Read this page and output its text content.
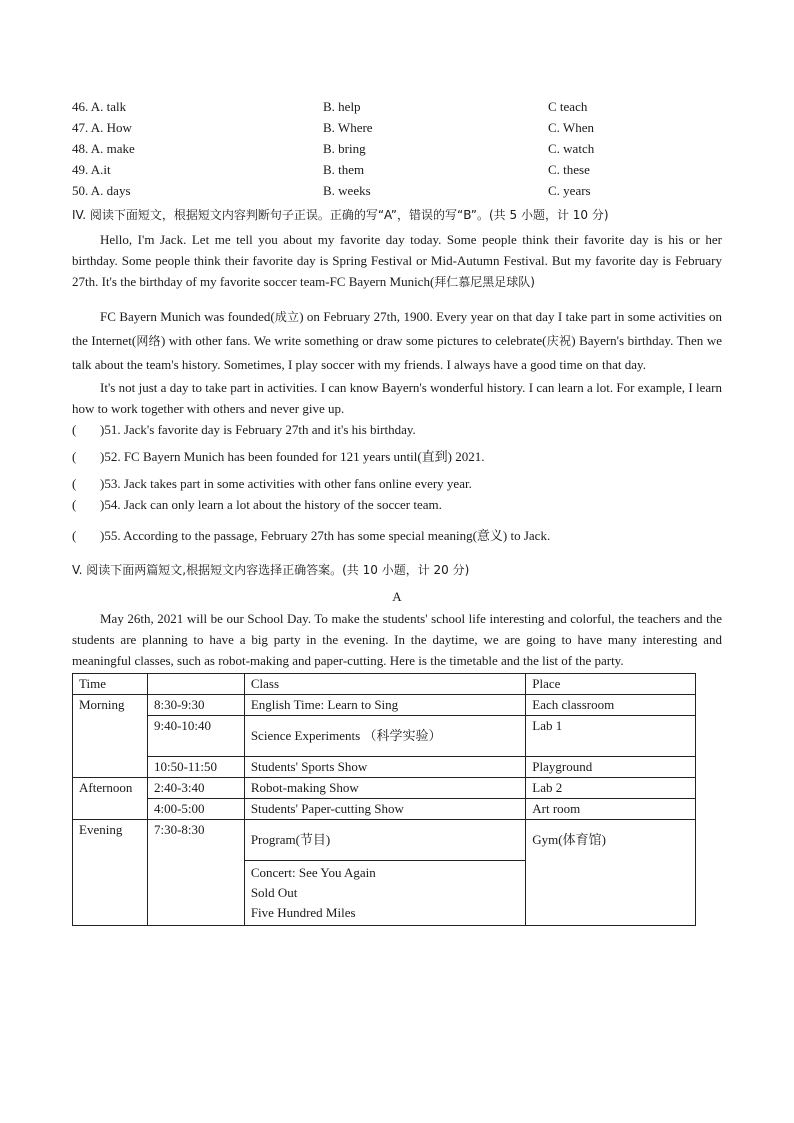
46. A. talk	B. help	C teach
47. A. How	B. Where	C. When
48. A. make	B. bring	C. watch
49. A.it	B. them	C. these
50. A. days	B. weeks	C. years
IV. 阅读下面短文，根据短文内容判断句子正误。正确的写“A”，错误的写“B”。(共 5 小题，计 10 分)

Hello, I'm Jack. Let me tell you about my favorite day today. Some people think their favorite day is his or her birthday. Some people think their favorite day is Spring Festival or Mid-Autumn Festival. But my favorite day is February 27th. It's the birthday of my favorite soccer team-FC Bayern Munich(拜仁慕尼黑足球队)

FC Bayern Munich was founded(成立) on February 27th, 1900. Every year on that day I take part in some activities on the Internet(网络) with other fans. We write something or draw some pictures to celebrate(庆祝) Bayern's birthday. Then we talk about the team's history. Sometimes, I play soccer with my friends. I always have a good time on that day.

It's not just a day to take part in activities. I can know Bayern's wonderful history. I can learn a lot. For example, I learn how to work together with others and never give up.

( )51. Jack's favorite day is February 27th and it's his birthday.

( )52. FC Bayern Munich has been founded for 121 years until(直到) 2021.

( )53. Jack takes part in some activities with other fans online every year.

( )54. Jack can only learn a lot about the history of the soccer team.

( )55. According to the passage, February 27th has some special meaning(意义) to Jack.

V. 阅读下面两篇短文,根据短文内容选择正确答案。(共 10 小题，计 20 分)
A

May 26th, 2021 will be our School Day. To make the students' school life interesting and colorful, the teachers and the students are planning to have a big party in the evening. In the daytime, we are going to have many interesting and meaningful classes, such as robot-making and paper-cutting. Here is the timetable and the list of the party.

Time		Class	Place
Morning	8:30-9:30	English Time: Learn to Sing	Each classroom
	9:40-10:40	Science Experiments （科学实验）	Lab 1
	10:50-11:50	Students' Sports Show	Playground
Afternoon	2:40-3:40	Robot-making Show	Lab 2
	4:00-5:00	Students' Paper-cutting Show	Art room
Evening	7:30-8:30	Program(节目)	Gym(体育馆)

		Concert: See You Again
Sold Out
Five Hundred Miles	
